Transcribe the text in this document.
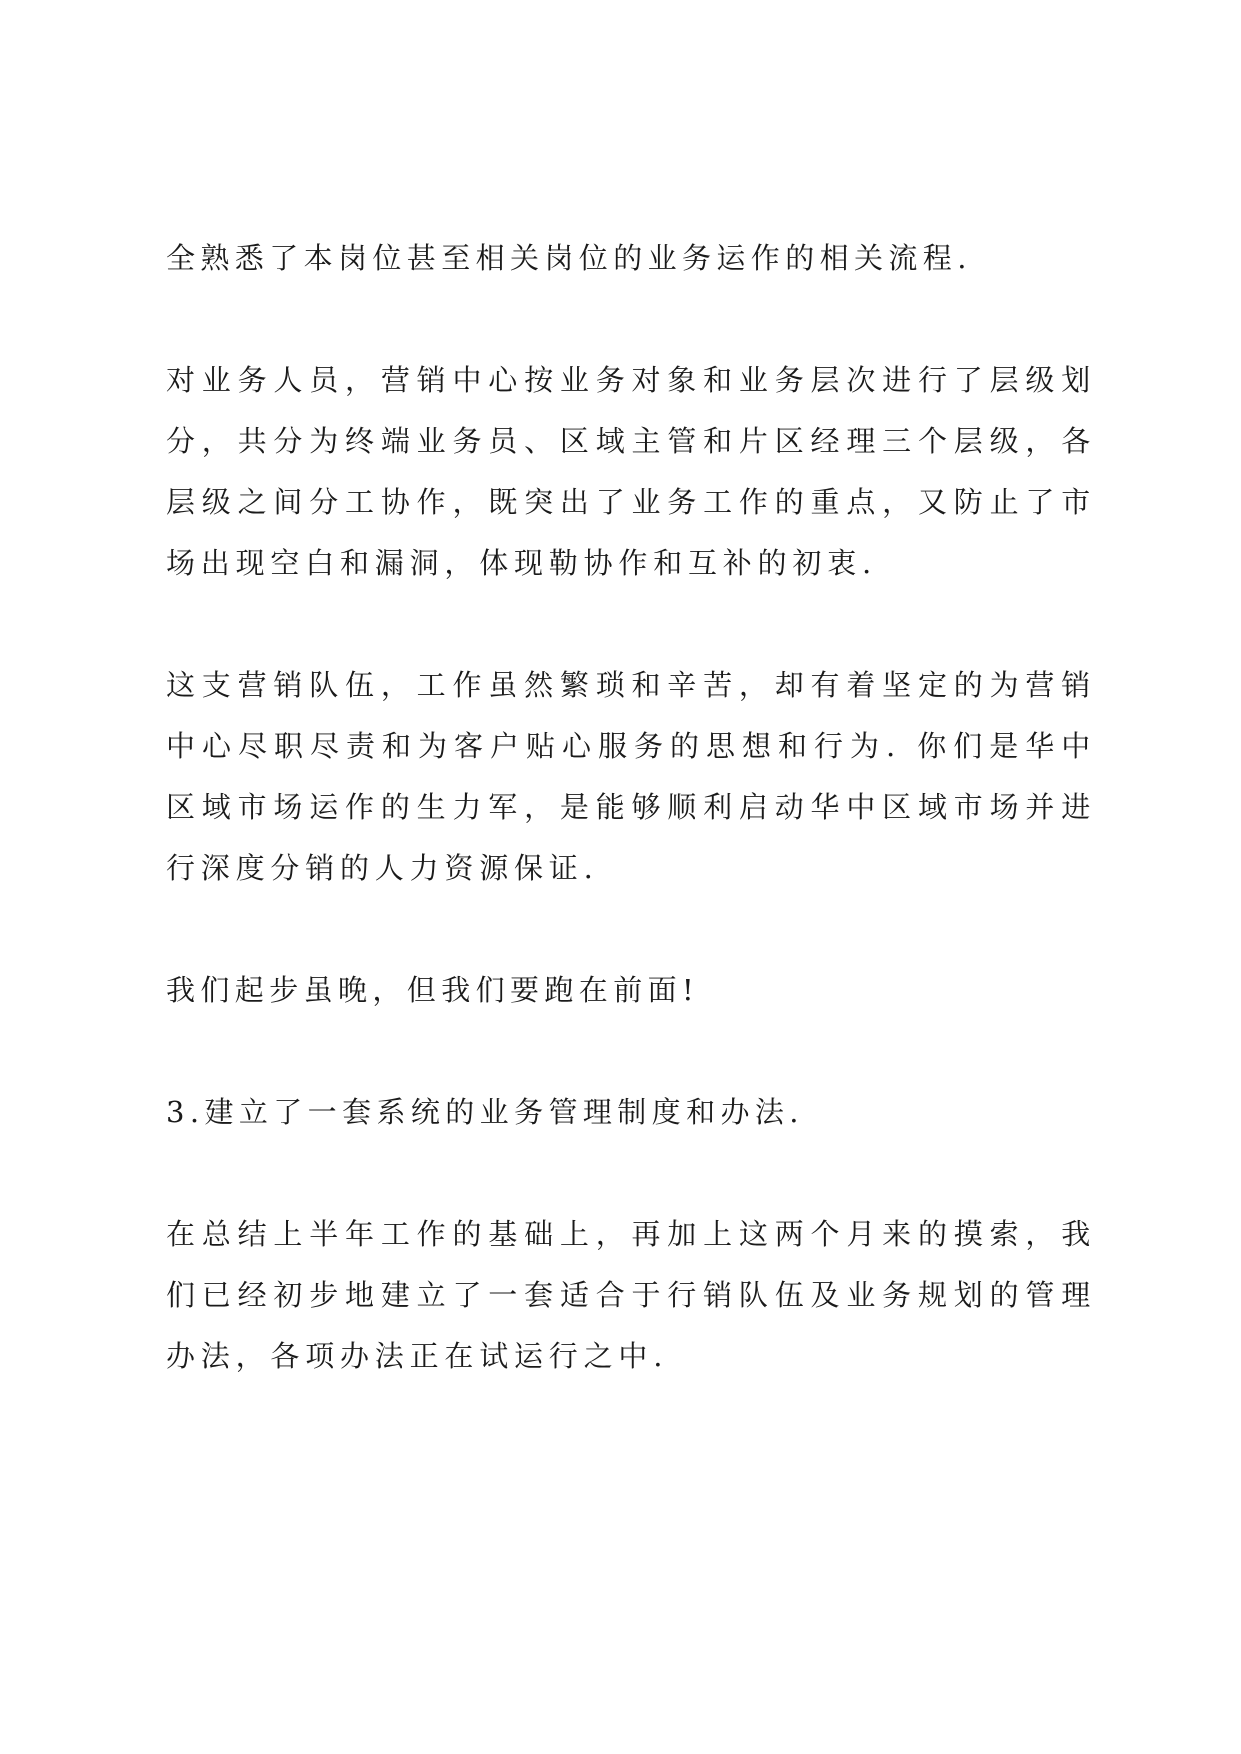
全熟悉了本岗位甚至相关岗位的业务运作的相关流程.

对业务人员，营销中心按业务对象和业务层次进行了层级划分，共分为终端业务员、区域主管和片区经理三个层级，各层级之间分工协作，既突出了业务工作的重点，又防止了市场出现空白和漏洞，体现勒协作和互补的初衷.

这支营销队伍，工作虽然繁琐和辛苦，却有着坚定的为营销中心尽职尽责和为客户贴心服务的思想和行为. 你们是华中区域市场运作的生力军，是能够顺利启动华中区域市场并进行深度分销的人力资源保证.

我们起步虽晚，但我们要跑在前面!

3.建立了一套系统的业务管理制度和办法.

在总结上半年工作的基础上，再加上这两个月来的摸索，我们已经初步地建立了一套适合于行销队伍及业务规划的管理办法，各项办法正在试运行之中.
